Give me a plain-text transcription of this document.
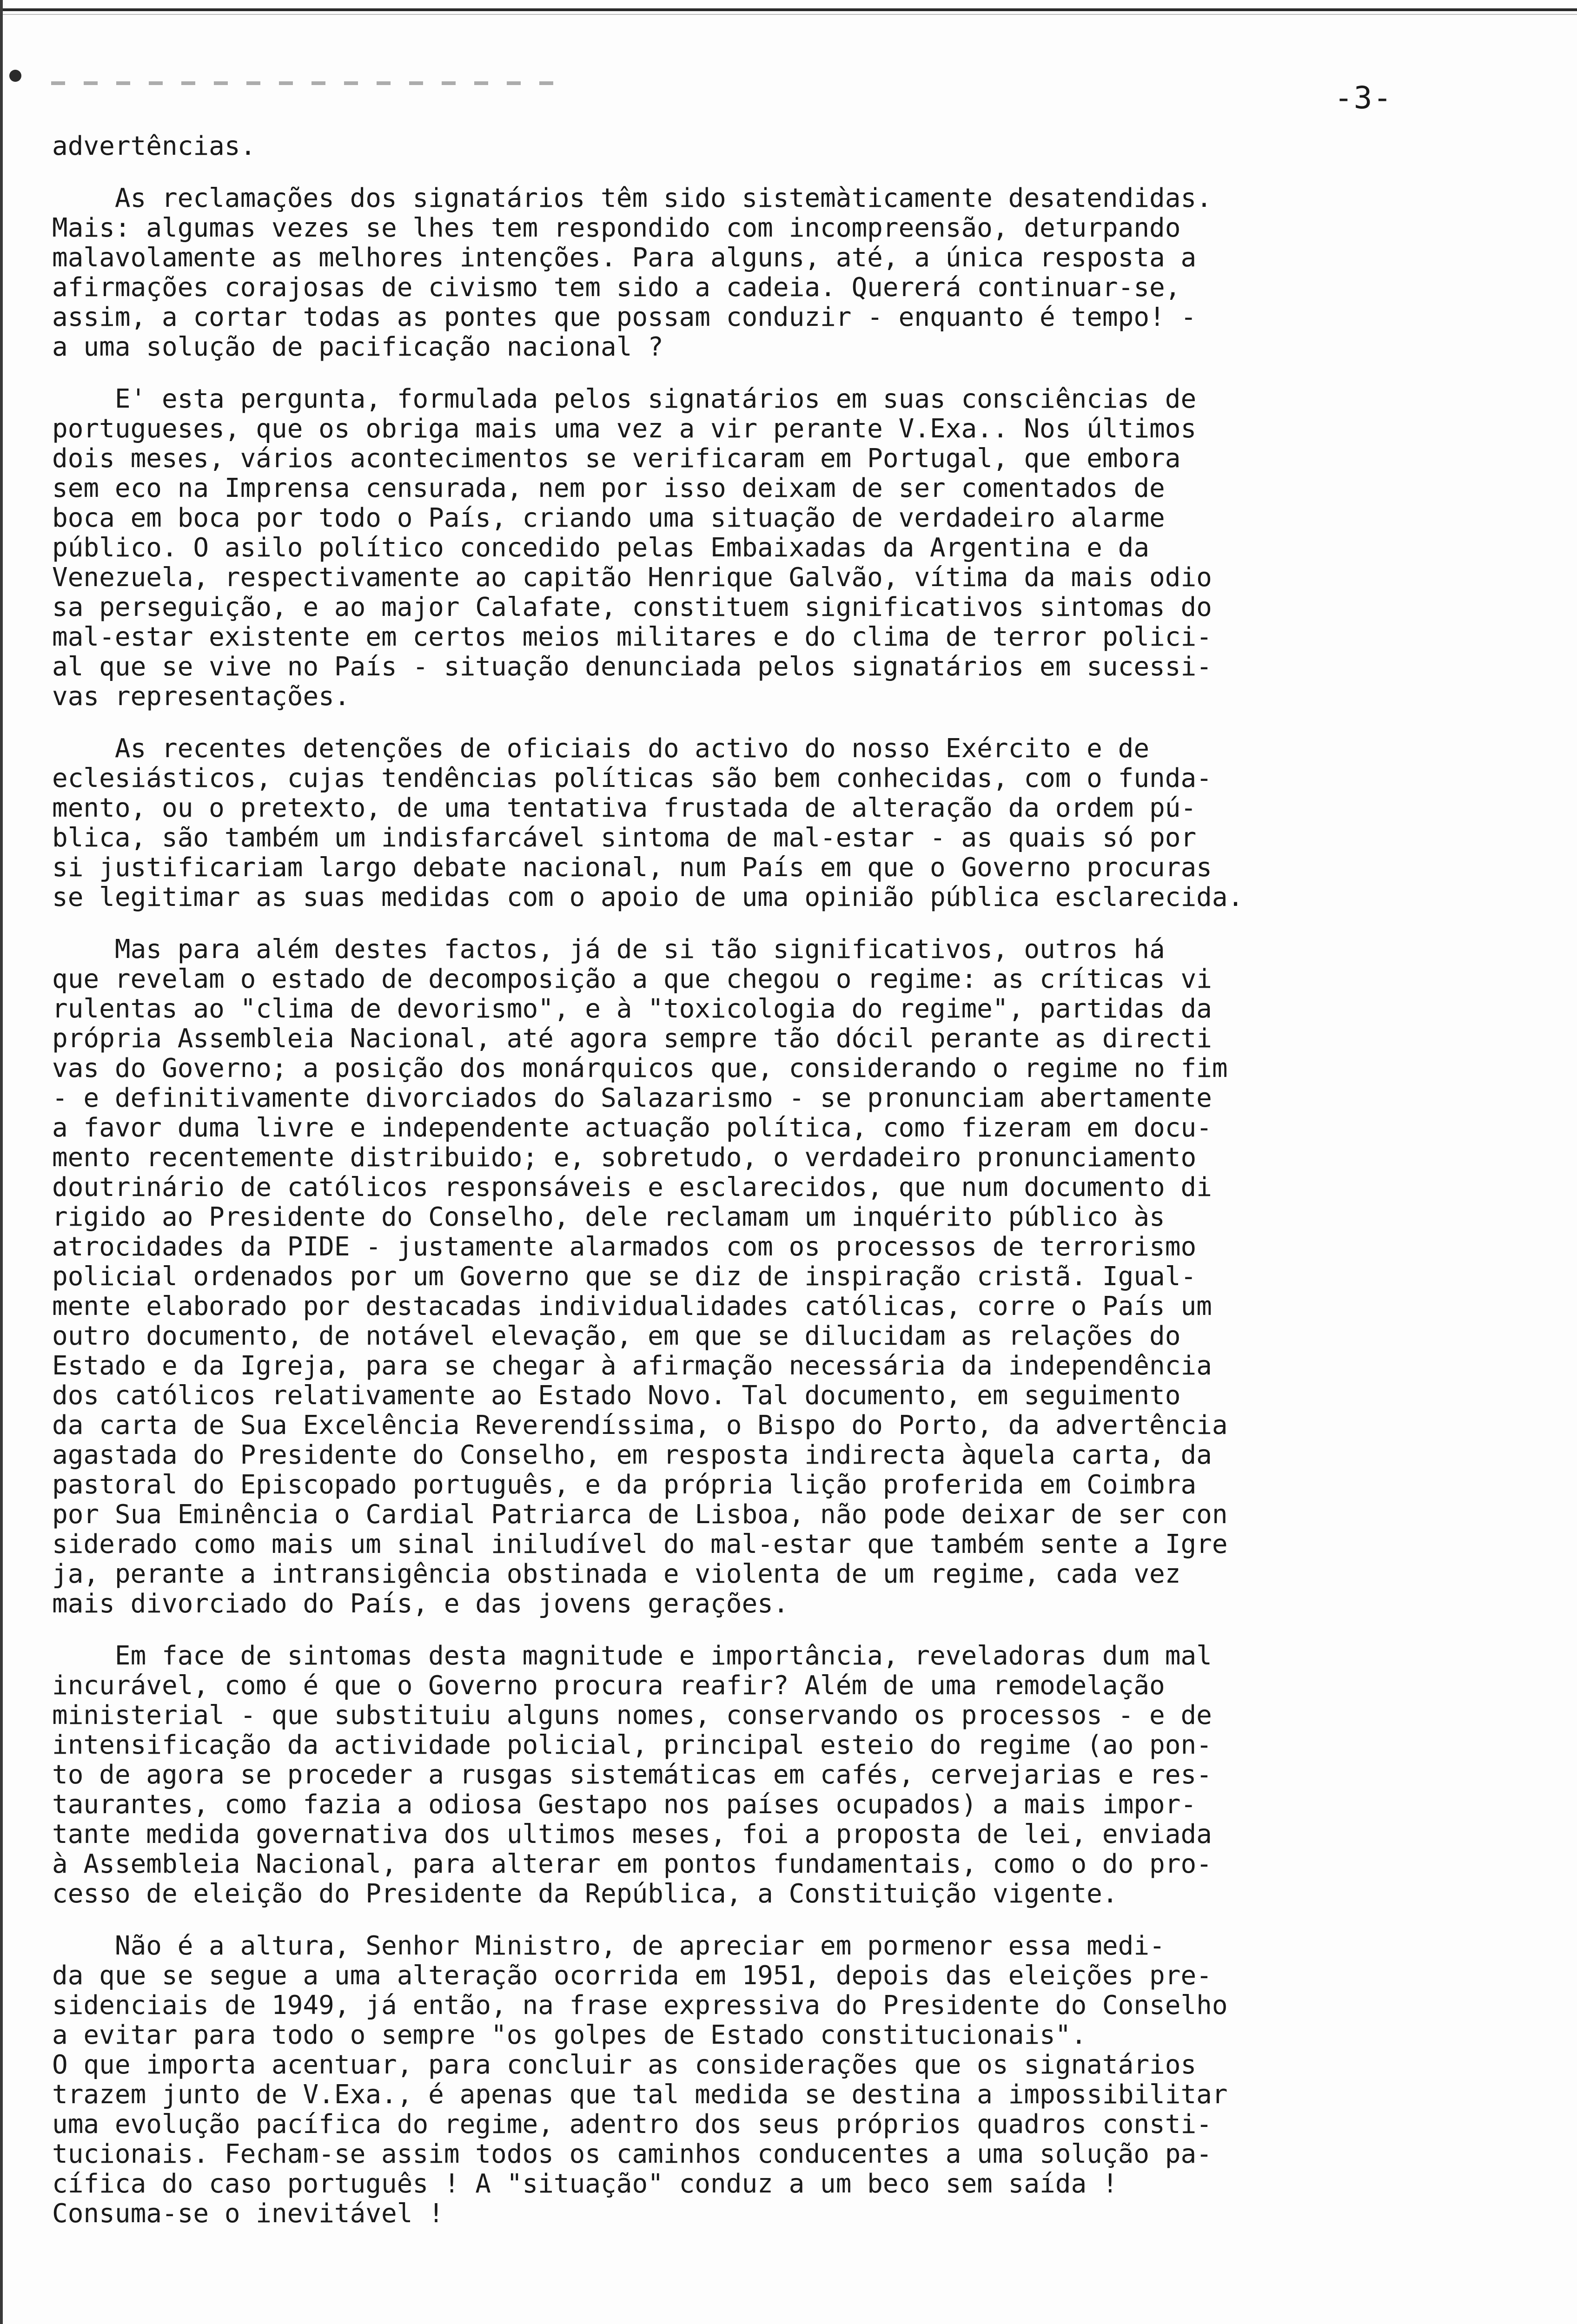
-3-
advertências.
As reclamações dos signatários têm sido sistemàticamente desatendidas.
Mais: algumas vezes se lhes tem respondido com incompreensão, deturpando
malavolamente as melhores intenções. Para alguns, até, a única resposta a
afirmações corajosas de civismo tem sido a cadeia. Quererá continuar-se,
assim, a cortar todas as pontes que possam conduzir - enquanto é tempo! -
a uma solução de pacificação nacional ?
E' esta pergunta, formulada pelos signatários em suas consciências de
portugueses, que os obriga mais uma vez a vir perante V.Exa.. Nos últimos
dois meses, vários acontecimentos se verificaram em Portugal, que embora
sem eco na Imprensa censurada, nem por isso deixam de ser comentados de
boca em boca por todo o País, criando uma situação de verdadeiro alarme
público. O asilo político concedido pelas Embaixadas da Argentina e da
Venezuela, respectivamente ao capitão Henrique Galvão, vítima da mais odio
sa perseguição, e ao major Calafate, constituem significativos sintomas do
mal-estar existente em certos meios militares e do clima de terror polici-
al que se vive no País - situação denunciada pelos signatários em sucessi-
vas representações.
As recentes detenções de oficiais do activo do nosso Exército e de
eclesiásticos, cujas tendências políticas são bem conhecidas, com o funda-
mento, ou o pretexto, de uma tentativa frustada de alteração da ordem pú-
blica, são também um indisfarcável sintoma de mal-estar - as quais só por
si justificariam largo debate nacional, num País em que o Governo procuras
se legitimar as suas medidas com o apoio de uma opinião pública esclarecida.
Mas para além destes factos, já de si tão significativos, outros há
que revelam o estado de decomposição a que chegou o regime: as críticas vi
rulentas ao "clima de devorismo", e à "toxicologia do regime", partidas da
própria Assembleia Nacional, até agora sempre tão dócil perante as directi
vas do Governo; a posição dos monárquicos que, considerando o regime no fim
- e definitivamente divorciados do Salazarismo - se pronunciam abertamente
a favor duma livre e independente actuação política, como fizeram em docu-
mento recentemente distribuido; e, sobretudo, o verdadeiro pronunciamento
doutrinário de católicos responsáveis e esclarecidos, que num documento di
rigido ao Presidente do Conselho, dele reclamam um inquérito público às
atrocidades da PIDE - justamente alarmados com os processos de terrorismo
policial ordenados por um Governo que se diz de inspiração cristã. Igual-
mente elaborado por destacadas individualidades católicas, corre o País um
outro documento, de notável elevação, em que se dilucidam as relações do
Estado e da Igreja, para se chegar à afirmação necessária da independência
dos católicos relativamente ao Estado Novo. Tal documento, em seguimento
da carta de Sua Excelência Reverendíssima, o Bispo do Porto, da advertência
agastada do Presidente do Conselho, em resposta indirecta àquela carta, da
pastoral do Episcopado português, e da própria lição proferida em Coimbra
por Sua Eminência o Cardial Patriarca de Lisboa, não pode deixar de ser con
siderado como mais um sinal iniludível do mal-estar que também sente a Igre
ja, perante a intransigência obstinada e violenta de um regime, cada vez
mais divorciado do País, e das jovens gerações.
Em face de sintomas desta magnitude e importância, reveladoras dum mal
incurável, como é que o Governo procura reafir? Além de uma remodelação
ministerial - que substituiu alguns nomes, conservando os processos - e de
intensificação da actividade policial, principal esteio do regime (ao pon-
to de agora se proceder a rusgas sistemáticas em cafés, cervejarias e res-
taurantes, como fazia a odiosa Gestapo nos países ocupados) a mais impor-
tante medida governativa dos ultimos meses, foi a proposta de lei, enviada
à Assembleia Nacional, para alterar em pontos fundamentais, como o do pro-
cesso de eleição do Presidente da República, a Constituição vigente.
Não é a altura, Senhor Ministro, de apreciar em pormenor essa medi-
da que se segue a uma alteração ocorrida em 1951, depois das eleições pre-
sidenciais de 1949, já então, na frase expressiva do Presidente do Conselho
a evitar para todo o sempre "os golpes de Estado constitucionais".
O que importa acentuar, para concluir as considerações que os signatários
trazem junto de V.Exa., é apenas que tal medida se destina a impossibilitar
uma evolução pacífica do regime, adentro dos seus próprios quadros consti-
tucionais. Fecham-se assim todos os caminhos conducentes a uma solução pa-
cífica do caso português ! A "situação" conduz a um beco sem saída !
Consuma-se o inevitável !
